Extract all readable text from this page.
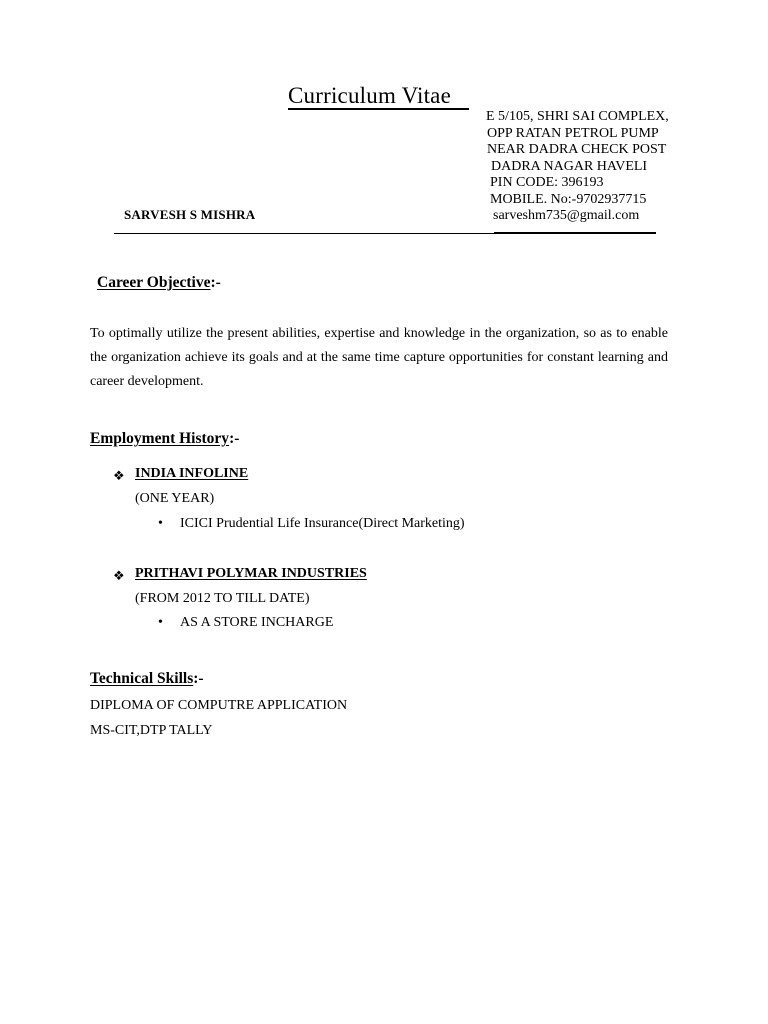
Curriculum Vitae
E 5/105, SHRI SAI COMPLEX,
OPP RATAN PETROL PUMP
NEAR DADRA CHECK POST
DADRA NAGAR HAVELI
PIN CODE: 396193
MOBILE. No:-9702937715
sarveshm735@gmail.com
SARVESH S MISHRA
Career Objective:-
To optimally utilize the present abilities, expertise and knowledge in the organization, so as to enable the organization achieve its goals and at the same time capture opportunities for constant learning and career development.
Employment History:-
❖ INDIA INFOLINE
(ONE YEAR)
• ICICI Prudential Life Insurance(Direct Marketing)
❖ PRITHAVI POLYMAR INDUSTRIES
(FROM 2012 TO TILL DATE)
• AS A STORE INCHARGE
Technical Skills:-
DIPLOMA OF COMPUTRE APPLICATION
MS-CIT,DTP TALLY
